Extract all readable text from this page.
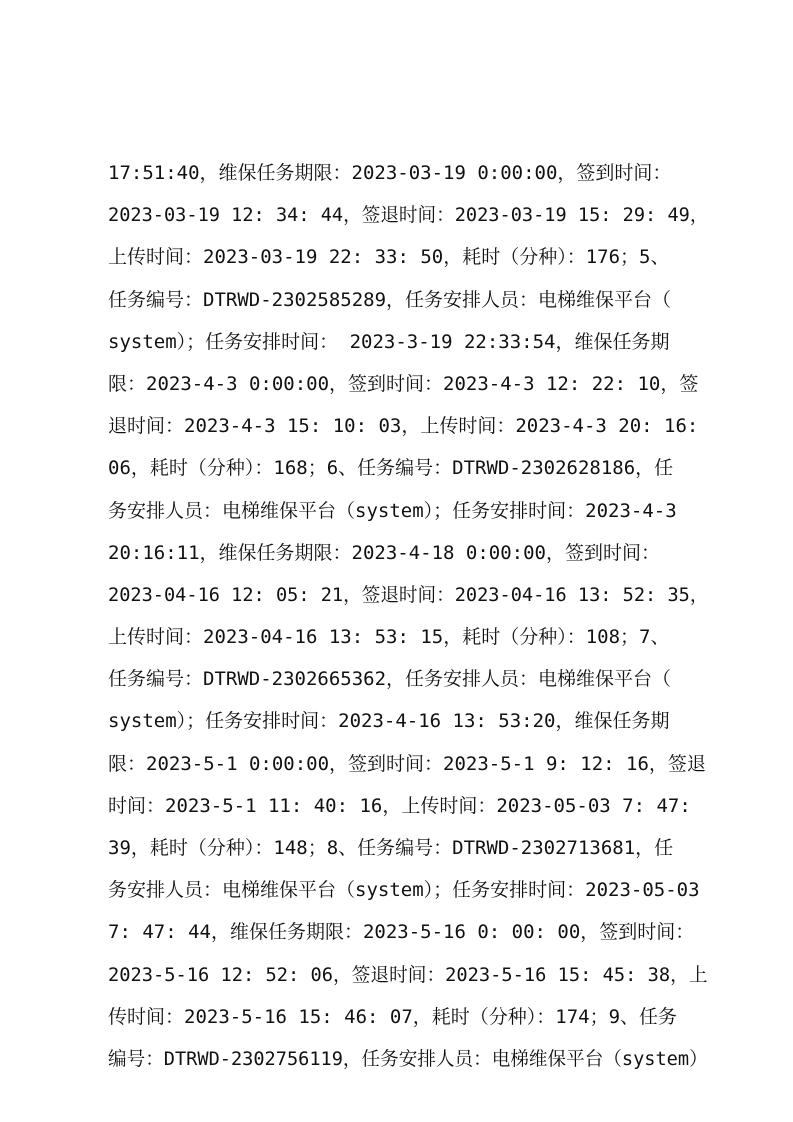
17:51:40，维保任务期限：2023-03-19 0:00:00，签到时间：
2023-03-19 12: 34: 44，签退时间：2023-03-19 15: 29: 49，
上传时间：2023-03-19 22: 33: 50，耗时（分种）：176；5、
任务编号：DTRWD-2302585289，任务安排人员：电梯维保平台（
system）；任务安排时间： 2023-3-19 22:33:54，维保任务期
限：2023-4-3 0:00:00，签到时间：2023-4-3 12: 22: 10，签
退时间：2023-4-3 15: 10: 03，上传时间：2023-4-3 20: 16:
06，耗时（分种）：168；6、任务编号：DTRWD-2302628186，任
务安排人员：电梯维保平台（system）；任务安排时间：2023-4-3
20:16:11，维保任务期限：2023-4-18 0:00:00，签到时间：
2023-04-16 12: 05: 21，签退时间：2023-04-16 13: 52: 35，
上传时间：2023-04-16 13: 53: 15，耗时（分种）：108；7、
任务编号：DTRWD-2302665362，任务安排人员：电梯维保平台（
system）；任务安排时间：2023-4-16 13: 53:20，维保任务期
限：2023-5-1 0:00:00，签到时间：2023-5-1 9: 12: 16，签退
时间：2023-5-1 11: 40: 16，上传时间：2023-05-03 7: 47:
39，耗时（分种）：148；8、任务编号：DTRWD-2302713681，任
务安排人员：电梯维保平台（system）；任务安排时间：2023-05-03
7: 47: 44，维保任务期限：2023-5-16 0: 00: 00，签到时间：
2023-5-16 12: 52: 06，签退时间：2023-5-16 15: 45: 38，上
传时间：2023-5-16 15: 46: 07，耗时（分种）：174；9、任务
编号：DTRWD-2302756119，任务安排人员：电梯维保平台（system）
